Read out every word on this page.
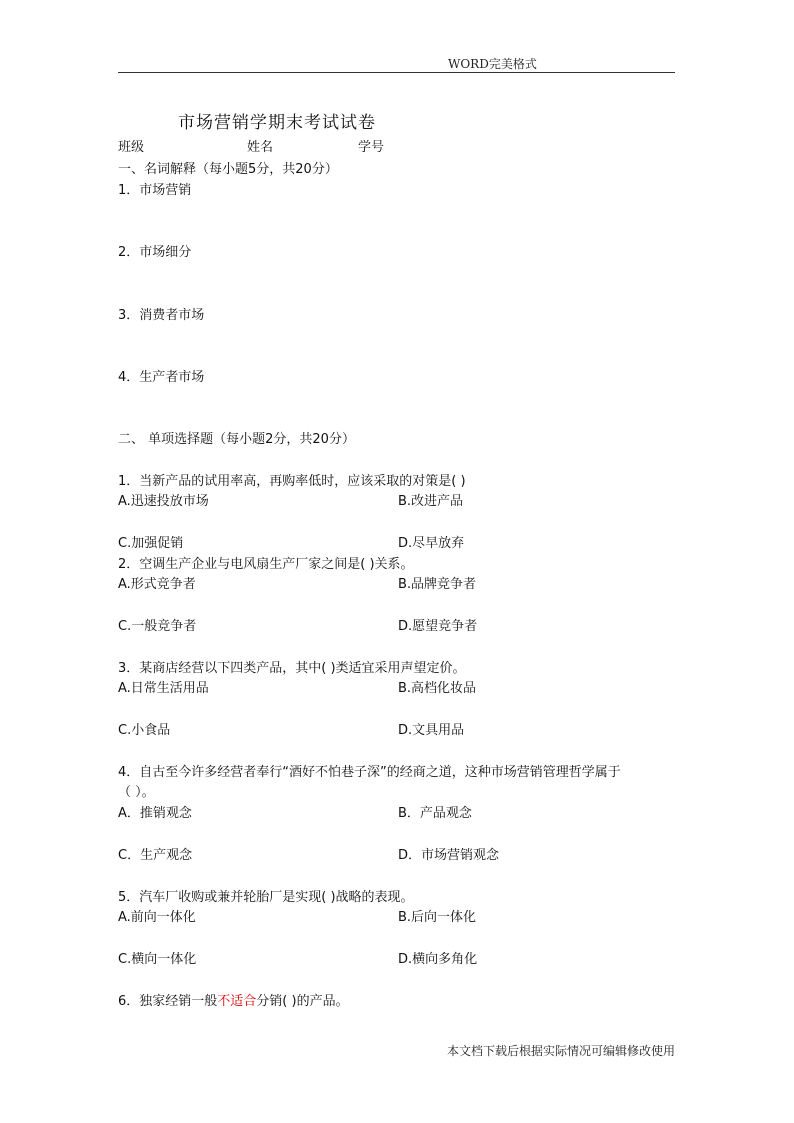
WORD完美格式
市场营销学期末考试试卷
班级	姓名	学号
一、名词解释（每小题5分，共20分）
1．市场营销
2．市场细分
3．消费者市场
4．生产者市场
二、 单项选择题（每小题2分，共20分）
1．当新产品的试用率高，再购率低时，应该采取的对策是( )
A.迅速投放市场	B.改进产品
C.加强促销	D.尽早放弃
2．空调生产企业与电风扇生产厂家之间是( )关系。
A.形式竞争者	B.品牌竞争者
C.一般竞争者	D.愿望竞争者
3．某商店经营以下四类产品，其中( )类适宜采用声望定价。
A.日常生活用品	B.高档化妆品
C.小食品	D.文具用品
4．自古至今许多经营者奉行“酒好不怕巷子深”的经商之道，这种市场营销管理哲学属于
（ ）。
A．推销观念	B．产品观念
C．生产观念	D．市场营销观念
5．汽车厂收购或兼并轮胎厂是实现( )战略的表现。
A.前向一体化	B.后向一体化
C.横向一体化	D.横向多角化
6．独家经销一般不适合分销( )的产品。
本文档下载后根据实际情况可编辑修改使用
